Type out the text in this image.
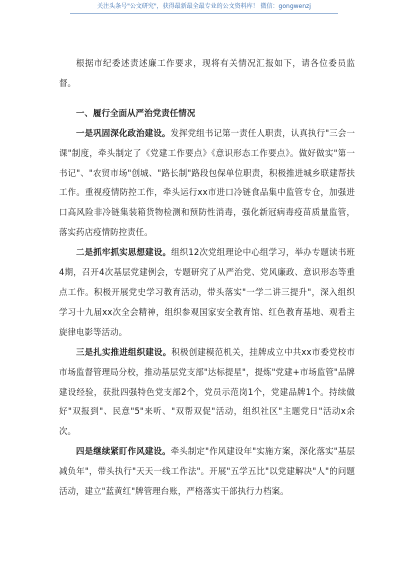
关注头条号"公文研究"，获得最新最全最专业的公文资料库！ 微信：gongwenzj

根据市纪委述责述廉工作要求，现将有关情况汇报如下，请各位委员监督。

一、履行全面从严治党责任情况

一是巩固深化政治建设。发挥党组书记第一责任人职责，认真执行"三会一课"制度，牵头制定了《党建工作要点》《意识形态工作要点》。做好做实"第一书记"、"农贸市场"创城、"路长制"路段包保单位职责，积极推进城乡联建帮扶工作。重视疫情防控工作，牵头运行xx市进口冷链食品集中监管专仓，加强进口高风险非冷链集装箱货物检测和预防性消毒，强化新冠病毒疫苗质量监管，落实药店疫情防控责任。

二是抓牢抓实思想建设。组织12次党组理论中心组学习，举办专题读书班4期，召开4次基层党建例会，专题研究了从严治党、党风廉政、意识形态等重点工作。积极开展党史学习教育活动，带头落实"一学二讲三提升"，深入组织学习十九届xx次全会精神，组织参观国家安全教育馆、红色教育基地、观看主旋律电影等活动。

三是扎实推进组织建设。积极创建模范机关，挂牌成立中共xx市委党校市市场监督管理局分校，推动基层党支部"达标提星"，提炼"党建+市场监管"品牌建设经验，获批四强特色党支部2个，党员示范岗1个，党建品牌1个。持续做好"双报到"、民意"5"来听、"双帮双促"活动，组织社区"主题党日"活动x余次。

四是继续紧盯作风建设。牵头制定"作风建设年"实施方案，深化落实"基层减负年"，带头执行"天天一线工作法"。开展"五学五比"以党建解决"人"的问题活动，建立"蓝黄红"牌管理台账，严格落实干部执行力档案。
